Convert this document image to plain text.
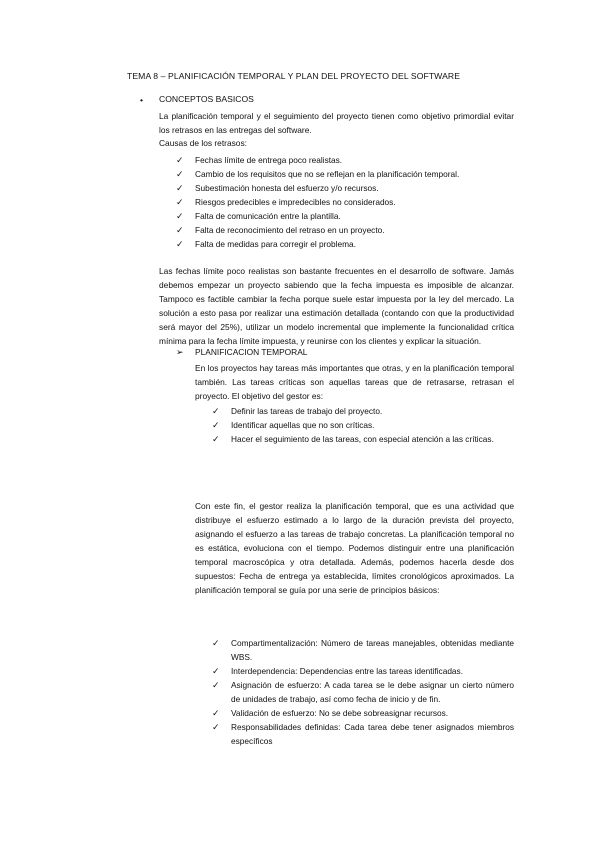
TEMA 8 – PLANIFICACIÓN TEMPORAL Y PLAN DEL PROYECTO DEL SOFTWARE
• CONCEPTOS BASICOS
La planificación temporal y el seguimiento del proyecto tienen como objetivo primordial evitar los retrasos en las entregas del software.
Causas de los retrasos:
✓ Fechas límite de entrega poco realistas.
✓ Cambio de los requisitos que no se reflejan en la planificación temporal.
✓ Subestimación honesta del esfuerzo y/o recursos.
✓ Riesgos predecibles e impredecibles no considerados.
✓ Falta de comunicación entre la plantilla.
✓ Falta de reconocimiento del retraso en un proyecto.
✓ Falta de medidas para corregir el problema.
Las fechas límite poco realistas son bastante frecuentes en el desarrollo de software. Jamás debemos empezar un proyecto sabiendo que la fecha impuesta es imposible de alcanzar. Tampoco es factible cambiar la fecha porque suele estar impuesta por la ley del mercado. La solución a esto pasa por realizar una estimación detallada (contando con que la productividad será mayor del 25%), utilizar un modelo incremental que implemente la funcionalidad crítica mínima para la fecha límite impuesta, y reunirse con los clientes y explicar la situación.
➢ PLANIFICACION TEMPORAL
En los proyectos hay tareas más importantes que otras, y en la planificación temporal también. Las tareas críticas son aquellas tareas que de retrasarse, retrasan el proyecto. El objetivo del gestor es:
✓ Definir las tareas de trabajo del proyecto.
✓ Identificar aquellas que no son críticas.
✓ Hacer el seguimiento de las tareas, con especial atención a las críticas.
Con este fin, el gestor realiza la planificación temporal, que es una actividad que distribuye el esfuerzo estimado a lo largo de la duración prevista del proyecto, asignando el esfuerzo a las tareas de trabajo concretas. La planificación temporal no es estática, evoluciona con el tiempo. Podemos distinguir entre una planificación temporal macroscópica y otra detallada. Además, podemos hacerla desde dos supuestos: Fecha de entrega ya establecida, límites cronológicos aproximados. La planificación temporal se guía por una serie de principios básicos:
✓ Compartimentalización: Número de tareas manejables, obtenidas mediante WBS.
✓ Interdependencia: Dependencias entre las tareas identificadas.
✓ Asignación de esfuerzo: A cada tarea se le debe asignar un cierto número de unidades de trabajo, así como fecha de inicio y de fin.
✓ Validación de esfuerzo: No se debe sobreasignar recursos.
✓ Responsabilidades definidas: Cada tarea debe tener asignados miembros específicos
